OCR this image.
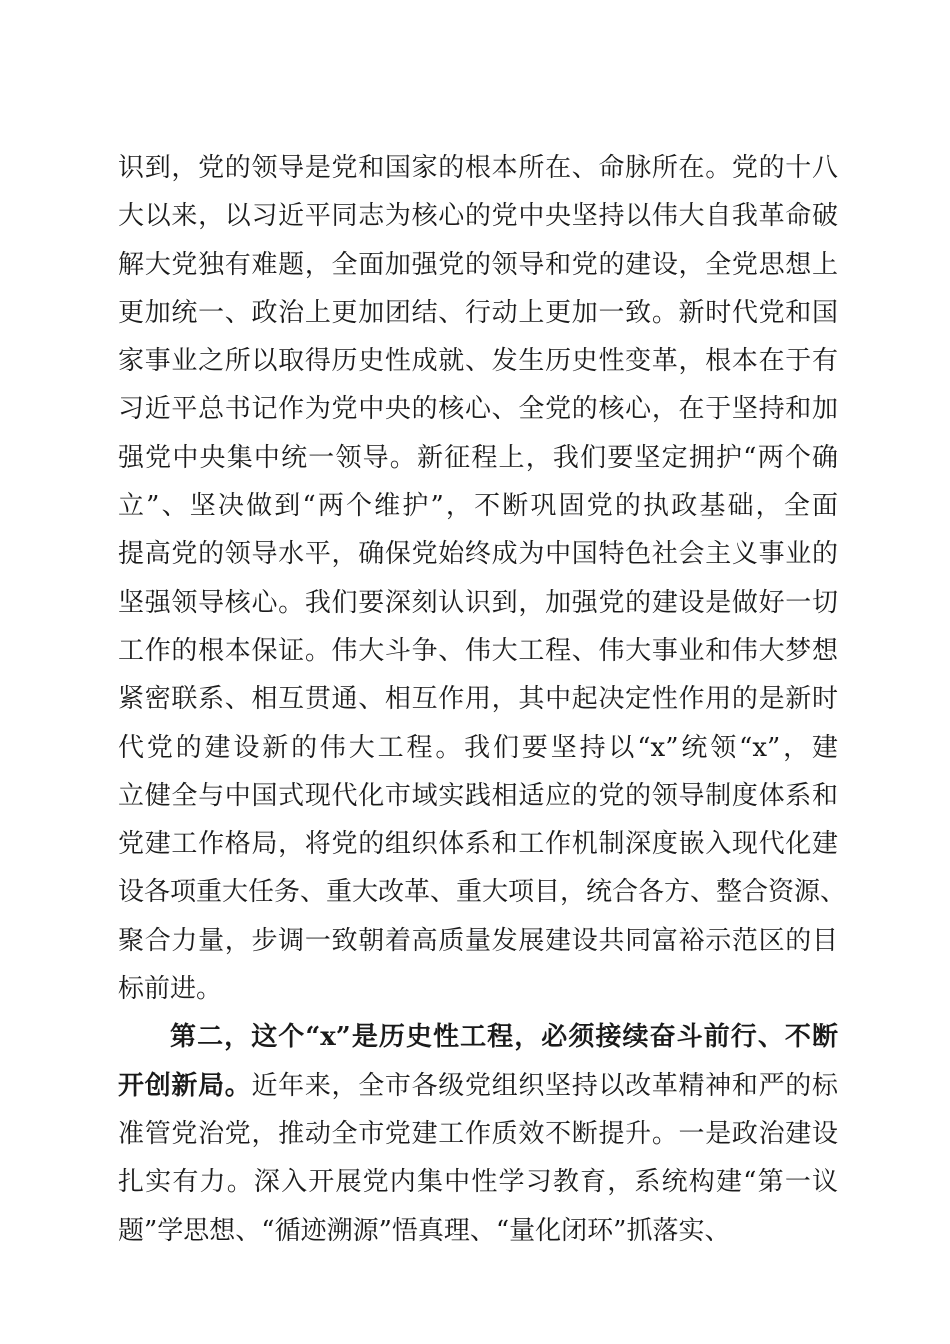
识到，党的领导是党和国家的根本所在、命脉所在。党的十八
大以来，以习近平同志为核心的党中央坚持以伟大自我革命破
解大党独有难题，全面加强党的领导和党的建设，全党思想上
更加统一、政治上更加团结、行动上更加一致。新时代党和国
家事业之所以取得历史性成就、发生历史性变革，根本在于有
习近平总书记作为党中央的核心、全党的核心，在于坚持和加
强党中央集中统一领导。新征程上，我们要坚定拥护“两个确
立”、坚决做到“两个维护”，不断巩固党的执政基础，全面
提高党的领导水平，确保党始终成为中国特色社会主义事业的
坚强领导核心。我们要深刻认识到，加强党的建设是做好一切
工作的根本保证。伟大斗争、伟大工程、伟大事业和伟大梦想
紧密联系、相互贯通、相互作用，其中起决定性作用的是新时
代党的建设新的伟大工程。我们要坚持以“x”统领“x”，建
立健全与中国式现代化市域实践相适应的党的领导制度体系和
党建工作格局，将党的组织体系和工作机制深度嵌入现代化建
设各项重大任务、重大改革、重大项目，统合各方、整合资源、
聚合力量，步调一致朝着高质量发展建设共同富裕示范区的目
标前进。
第二，这个“x”是历史性工程，必须接续奋斗前行、不断
开创新局。近年来，全市各级党组织坚持以改革精神和严的标
准管党治党，推动全市党建工作质效不断提升。一是政治建设
扎实有力。深入开展党内集中性学习教育，系统构建“第一议
题”学思想、“循迹溯源”悟真理、“量化闭环”抓落实、
